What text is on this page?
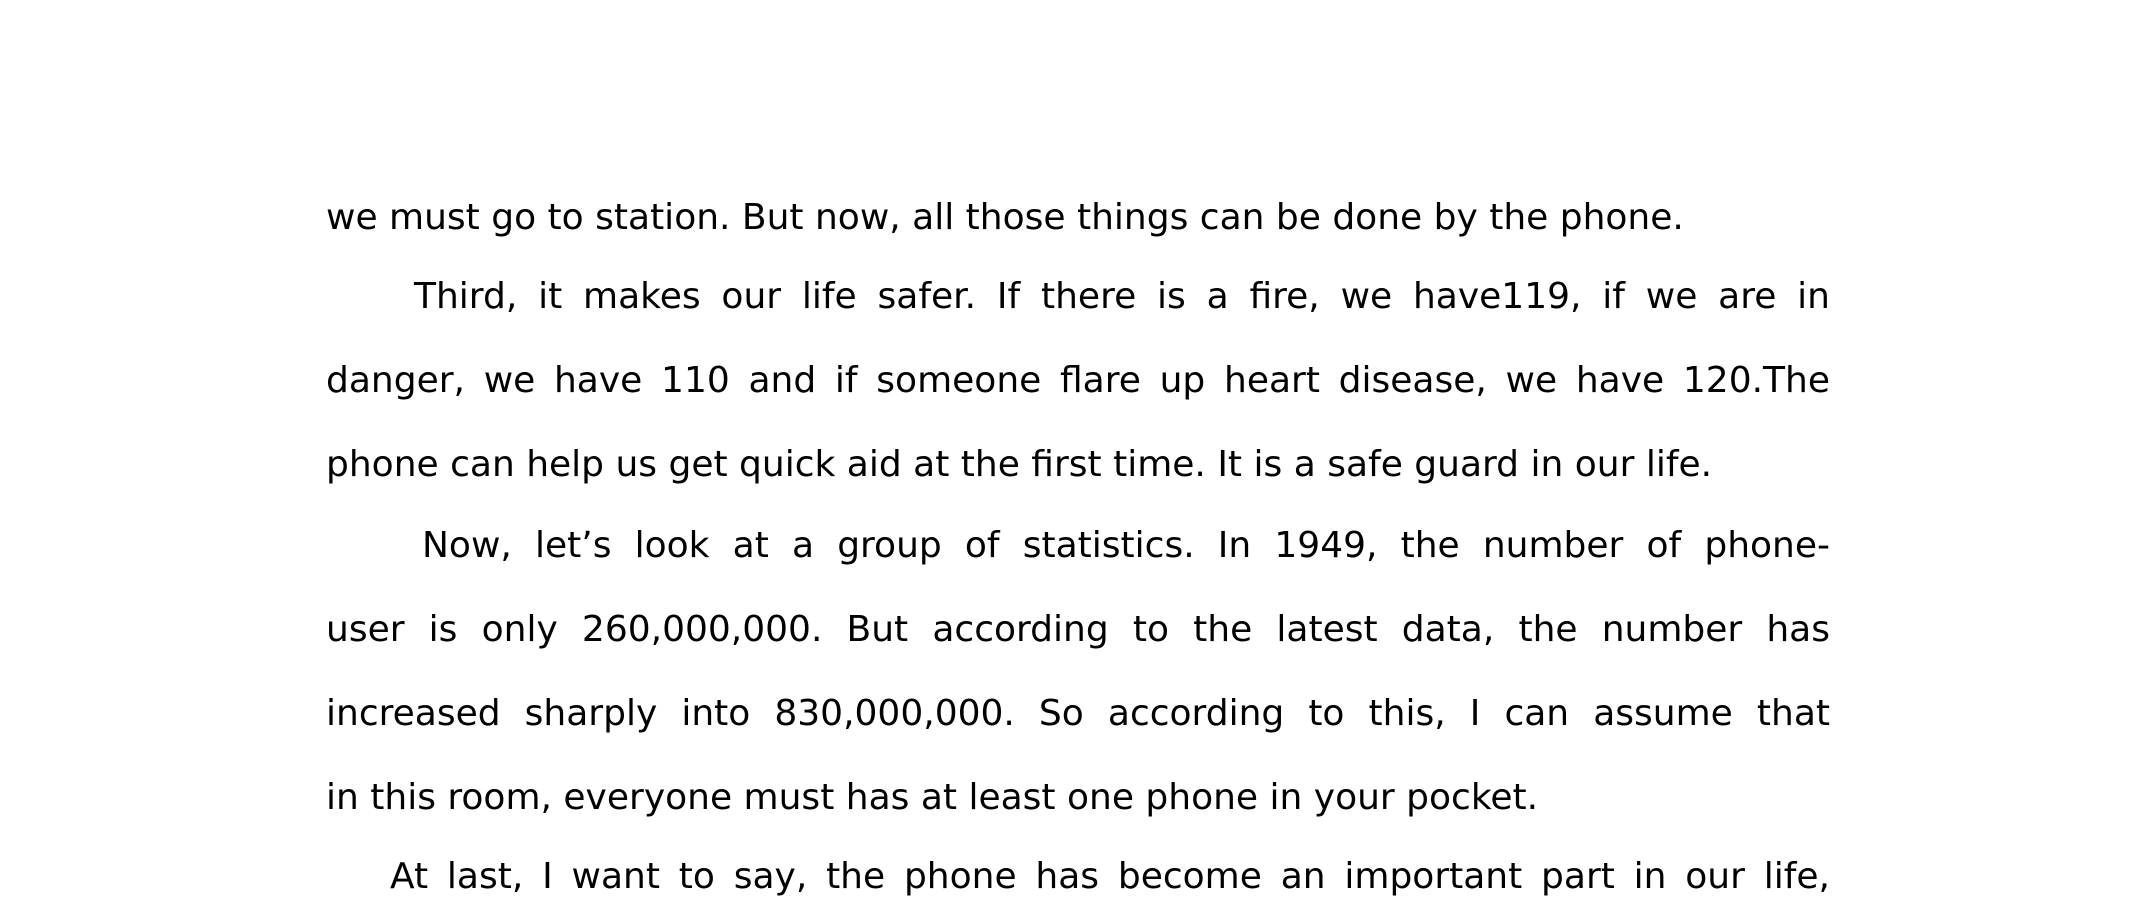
we must go to station. But now, all those things can be done by the phone.
Third, it makes our life safer. If there is a fire, we have119, if we are in
danger, we have 110 and if someone flare up heart disease, we have 120.The
phone can help us get quick aid at the first time. It is a safe guard in our life.
Now, let’s look at a group of statistics. In 1949, the number of phone-
user is only 260,000,000. But according to the latest data, the number has
increased sharply into 830,000,000. So according to this, I can assume that
in this room, everyone must has at least one phone in your pocket.
At last, I want to say, the phone has become an important part in our life,
